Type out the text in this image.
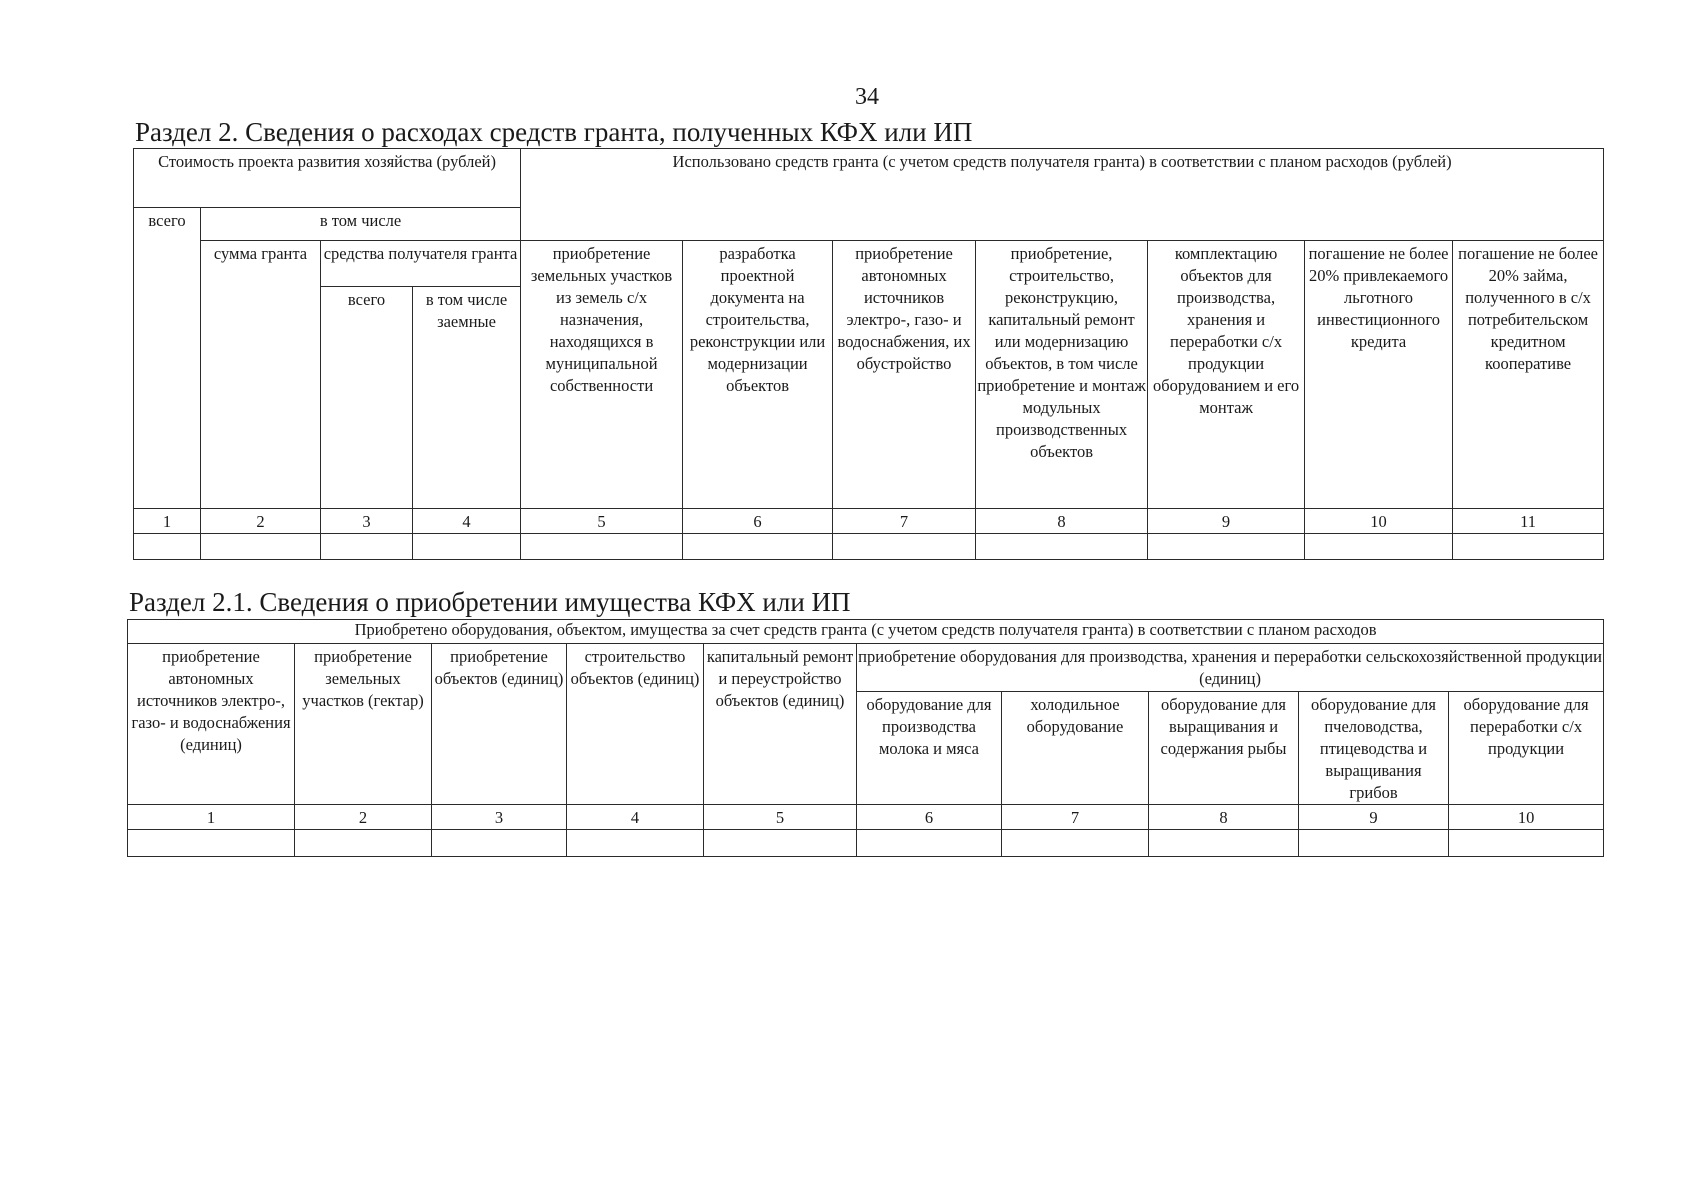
34
Раздел 2. Сведения о расходах средств гранта, полученных КФХ или ИП
Стоимость проекта развития хозяйства (рублей)				Использовано средств гранта (с учетом средств получателя гранта) в соответствии с планом расходов (рублей)						
всего	в том числе									
	сумма гранта	средства получателя гранта		приобретение земельных участков из земель с/х назначения, находящихся в муниципальной собственности	разработка проектной документа на строительства, реконструкции или модернизации объектов	приобретение автономных источников электро-, газо- и водоснабжения, их обустройство	приобретение, строительство, реконструкцию, капитальный ремонт или модернизацию объектов, в том числе приобретение и монтаж модульных производственных объектов	комплектацию объектов для производства, хранения и переработки с/х продукции оборудованием и его монтаж	погашение не более 20% привлекаемого льготного инвестиционного кредита	погашение не более 20% займа, полученного в с/х потребительском кредитном кооперативе
		всего	в том числе заемные							
1	2	3	4	5	6	7	8	9	10	11

Раздел 2.1. Сведения о приобретении имущества КФХ или ИП
Приобретено оборудования, объектом, имущества за счет средств гранта (с учетом средств получателя гранта) в соответствии с планом расходов									
приобретение автономных источников электро-, газо- и водоснабжения (единиц)	приобретение земельных участков (гектар)	приобретение объектов (единиц)	строительство объектов (единиц)	капитальный ремонт и переустройство объектов (единиц)	приобретение оборудования для производства, хранения и переработки сельскохозяйственной продукции (единиц)				
					оборудование для производства молока и мяса	холодильное оборудование	оборудование для выращивания и содержания рыбы	оборудование для пчеловодства, птицеводства и выращивания грибов	оборудование для переработки с/х продукции
1	2	3	4	5	6	7	8	9	10
